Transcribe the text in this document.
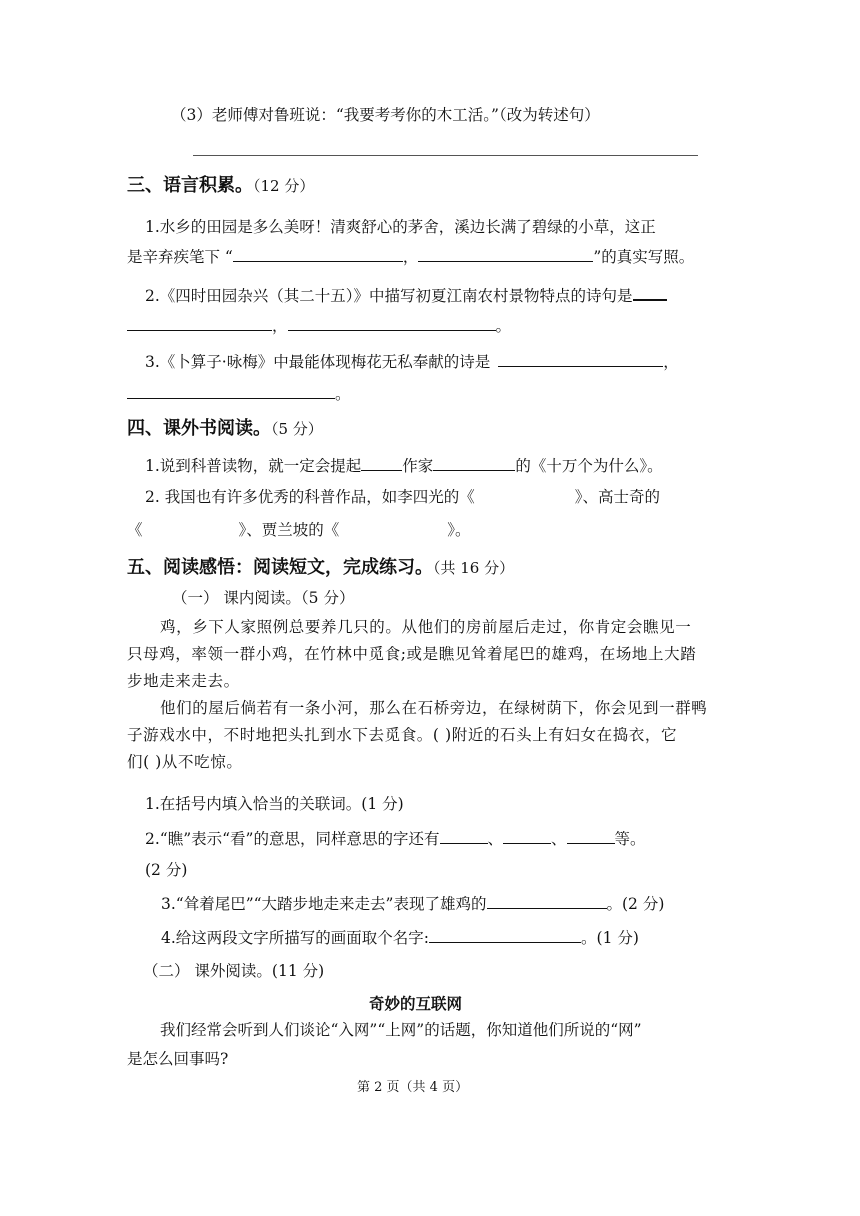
（3）老师傅对鲁班说：“我要考考你的木工活。”（改为转述句）
三、语言积累。（12 分）
1.水乡的田园是多么美呀！清爽舒心的茅舍，溪边长满了碧绿的小草，这正
是辛弃疾笔下 “	，	”的真实写照。
2.《四时田园杂兴（其二十五）》中描写初夏江南农村景物特点的诗句是
，	。
3.《卜算子·咏梅》中最能体现梅花无私奉献的诗是	，
。
四、课外书阅读。（5 分）
1.说到科普读物，就一定会提起	作家	的《十万个为什么》。
2. 我国也有许多优秀的科普作品，如李四光的《	》、高士奇的
《	》、贾兰坡的《	》。
五、阅读感悟：阅读短文，完成练习。（共 16 分）
（一） 课内阅读。（5 分）
鸡，乡下人家照例总要养几只的。从他们的房前屋后走过，你肯定会瞧见一
只母鸡，率领一群小鸡，在竹林中觅食;或是瞧见耸着尾巴的雄鸡，在场地上大踏
步地走来走去。
他们的屋后倘若有一条小河，那么在石桥旁边，在绿树荫下，你会见到一群鸭
子游戏水中，不时地把头扎到水下去觅食。( )附近的石头上有妇女在捣衣，它
们( )从不吃惊。
1.在括号内填入恰当的关联词。(1 分)
2.“瞧”表示“看”的意思，同样意思的字还有	、	、	等。
(2 分)
3.“耸着尾巴”“大踏步地走来走去”表现了雄鸡的	。(2 分)
4.给这两段文字所描写的画面取个名字:	。(1 分)
（二） 课外阅读。(11 分)
奇妙的互联网
我们经常会听到人们谈论“入网”“上网”的话题，你知道他们所说的“网”
是怎么回事吗?
第 2 页（共 4 页）
